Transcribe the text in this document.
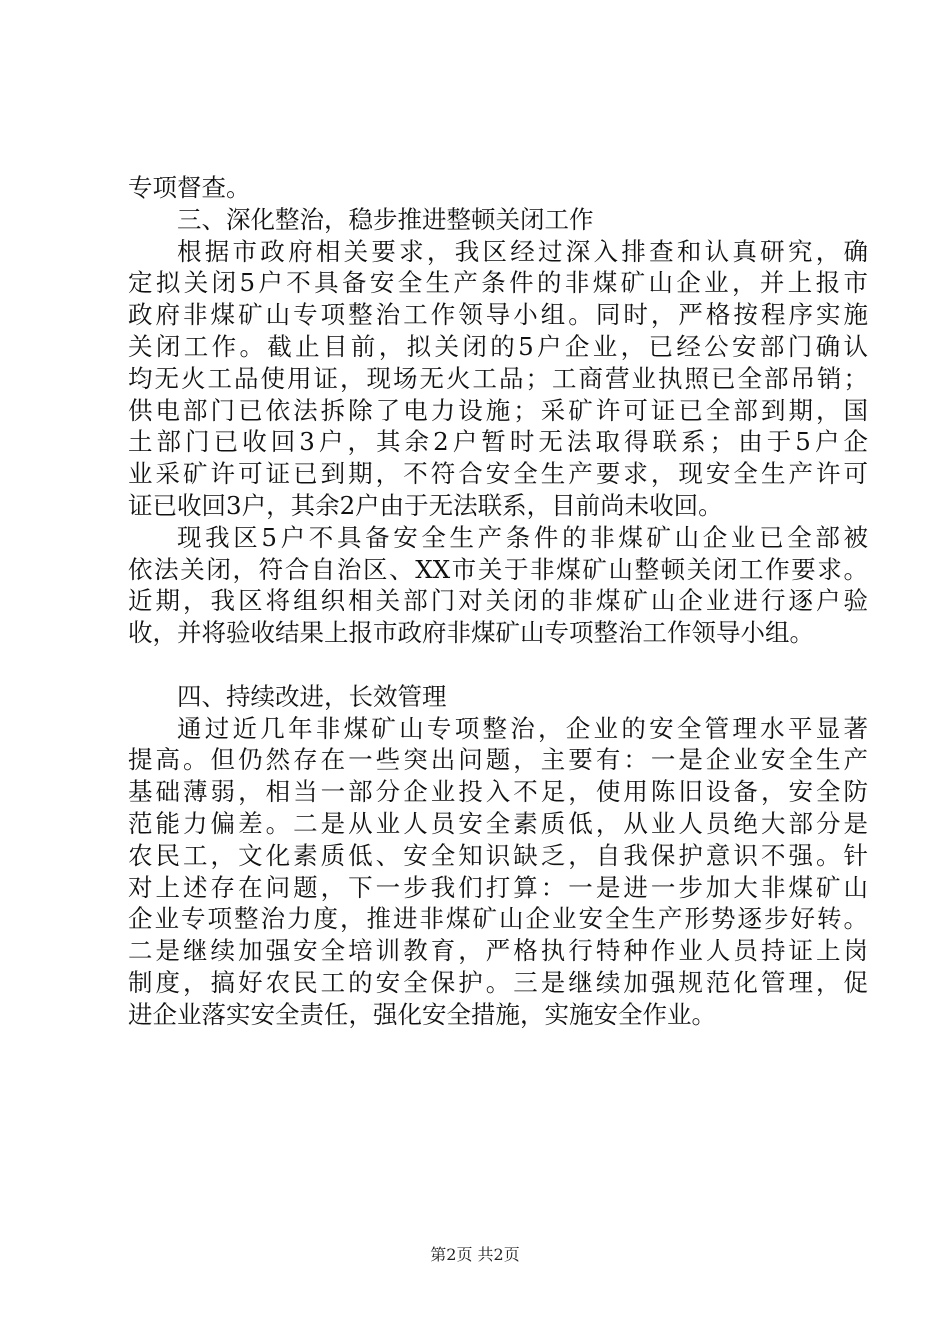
专项督查。
三、深化整治，稳步推进整顿关闭工作
根据市政府相关要求，我区经过深入排查和认真研究，确
定拟关闭5户不具备安全生产条件的非煤矿山企业，并上报市
政府非煤矿山专项整治工作领导小组。同时，严格按程序实施
关闭工作。截止目前，拟关闭的5户企业，已经公安部门确认
均无火工品使用证，现场无火工品；工商营业执照已全部吊销；
供电部门已依法拆除了电力设施；采矿许可证已全部到期，国
土部门已收回3户，其余2户暂时无法取得联系；由于5户企
业采矿许可证已到期，不符合安全生产要求，现安全生产许可
证已收回3户，其余2户由于无法联系，目前尚未收回。
现我区5户不具备安全生产条件的非煤矿山企业已全部被
依法关闭，符合自治区、XX市关于非煤矿山整顿关闭工作要求。
近期，我区将组织相关部门对关闭的非煤矿山企业进行逐户验
收，并将验收结果上报市政府非煤矿山专项整治工作领导小组。
四、持续改进，长效管理
通过近几年非煤矿山专项整治，企业的安全管理水平显著
提高。但仍然存在一些突出问题，主要有：一是企业安全生产
基础薄弱，相当一部分企业投入不足，使用陈旧设备，安全防
范能力偏差。二是从业人员安全素质低，从业人员绝大部分是
农民工，文化素质低、安全知识缺乏，自我保护意识不强。针
对上述存在问题，下一步我们打算：一是进一步加大非煤矿山
企业专项整治力度，推进非煤矿山企业安全生产形势逐步好转。
二是继续加强安全培训教育，严格执行特种作业人员持证上岗
制度，搞好农民工的安全保护。三是继续加强规范化管理，促
进企业落实安全责任，强化安全措施，实施安全作业。
第2页 共2页
